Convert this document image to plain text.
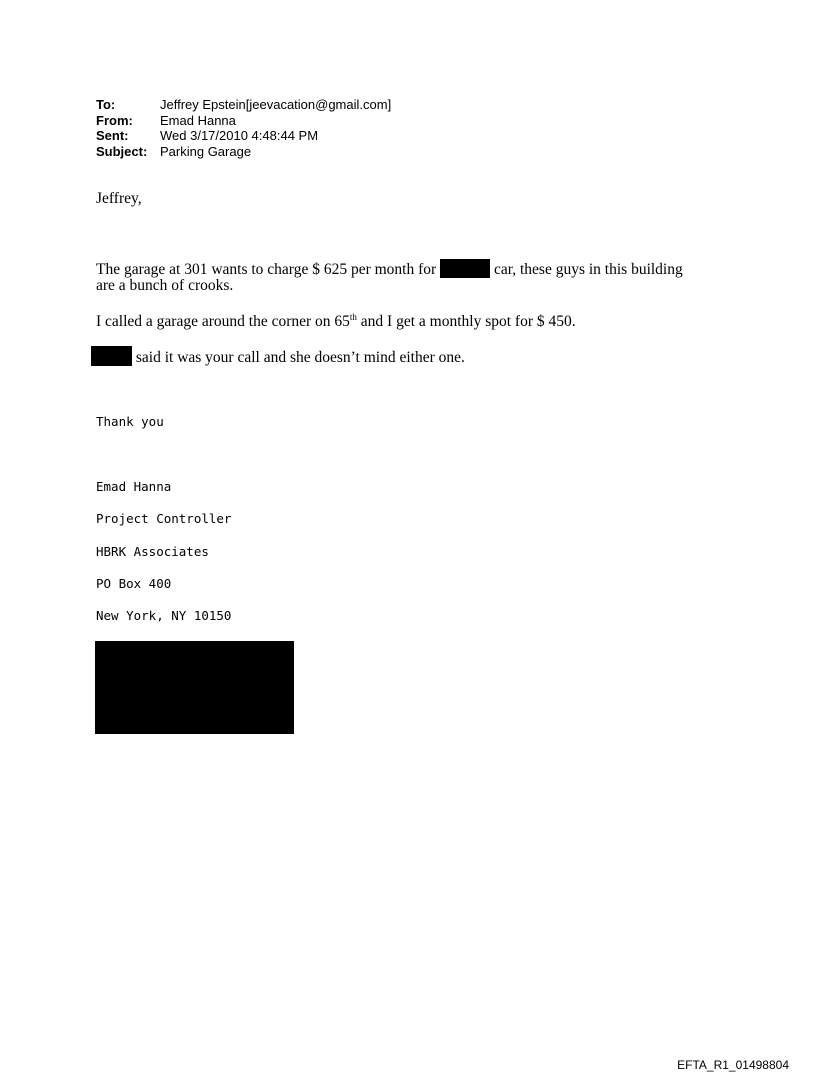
To:	Jeffrey Epstein[jeevacation@gmail.com]
From:	Emad Hanna
Sent:	Wed 3/17/2010 4:48:44 PM
Subject: Parking Garage
Jeffrey,
The garage at 301 wants to charge $ 625 per month for	car, these guys in this building
are a bunch of crooks.
I called a garage around the corner on 65th and I get a monthly spot for $ 450.
said it was your call and she doesn’t mind either one.
Thank you
Emad Hanna
Project Controller
HBRK Associates
PO Box 400
New York, NY 10150
EFTA_R1_01498804
